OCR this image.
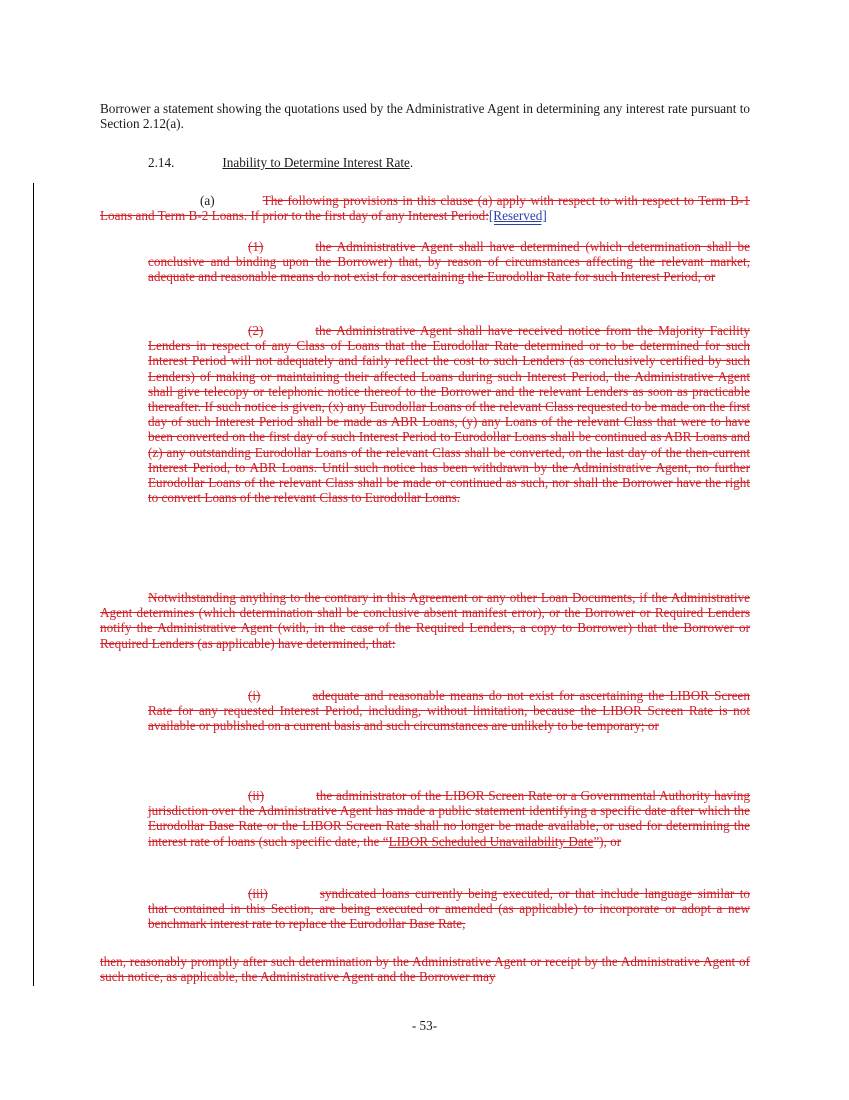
Borrower a statement showing the quotations used by the Administrative Agent in determining any interest rate pursuant to Section 2.12(a).

2.14.	Inability to Determine Interest Rate.

(a)	The following provisions in this clause (a) apply with respect to with respect to Term B-1 Loans and Term B-2 Loans. If prior to the first day of any Interest Period:[Reserved]

(1)	the Administrative Agent shall have determined (which determination shall be conclusive and binding upon the Borrower) that, by reason of circumstances affecting the relevant market, adequate and reasonable means do not exist for ascertaining the Eurodollar Rate for such Interest Period, or

(2)	the Administrative Agent shall have received notice from the Majority Facility Lenders in respect of any Class of Loans that the Eurodollar Rate determined or to be determined for such Interest Period will not adequately and fairly reflect the cost to such Lenders (as conclusively certified by such Lenders) of making or maintaining their affected Loans during such Interest Period, the Administrative Agent shall give telecopy or telephonic notice thereof to the Borrower and the relevant Lenders as soon as practicable thereafter. If such notice is given, (x) any Eurodollar Loans of the relevant Class requested to be made on the first day of such Interest Period shall be made as ABR Loans, (y) any Loans of the relevant Class that were to have been converted on the first day of such Interest Period to Eurodollar Loans shall be continued as ABR Loans and (z) any outstanding Eurodollar Loans of the relevant Class shall be converted, on the last day of the then-current Interest Period, to ABR Loans. Until such notice has been withdrawn by the Administrative Agent, no further Eurodollar Loans of the relevant Class shall be made or continued as such, nor shall the Borrower have the right to convert Loans of the relevant Class to Eurodollar Loans.

Notwithstanding anything to the contrary in this Agreement or any other Loan Documents, if the Administrative Agent determines (which determination shall be conclusive absent manifest error), or the Borrower or Required Lenders notify the Administrative Agent (with, in the case of the Required Lenders, a copy to Borrower) that the Borrower or Required Lenders (as applicable) have determined, that:

(i)	adequate and reasonable means do not exist for ascertaining the LIBOR Screen Rate for any requested Interest Period, including, without limitation, because the LIBOR Screen Rate is not available or published on a current basis and such circumstances are unlikely to be temporary; or

(ii)	the administrator of the LIBOR Screen Rate or a Governmental Authority having jurisdiction over the Administrative Agent has made a public statement identifying a specific date after which the Eurodollar Base Rate or the LIBOR Screen Rate shall no longer be made available, or used for determining the interest rate of loans (such specific date, the “LIBOR Scheduled Unavailability Date”), or

(iii)	syndicated loans currently being executed, or that include language similar to that contained in this Section, are being executed or amended (as applicable) to incorporate or adopt a new benchmark interest rate to replace the Eurodollar Base Rate,

then, reasonably promptly after such determination by the Administrative Agent or receipt by the Administrative Agent of such notice, as applicable, the Administrative Agent and the Borrower may

- 53-
